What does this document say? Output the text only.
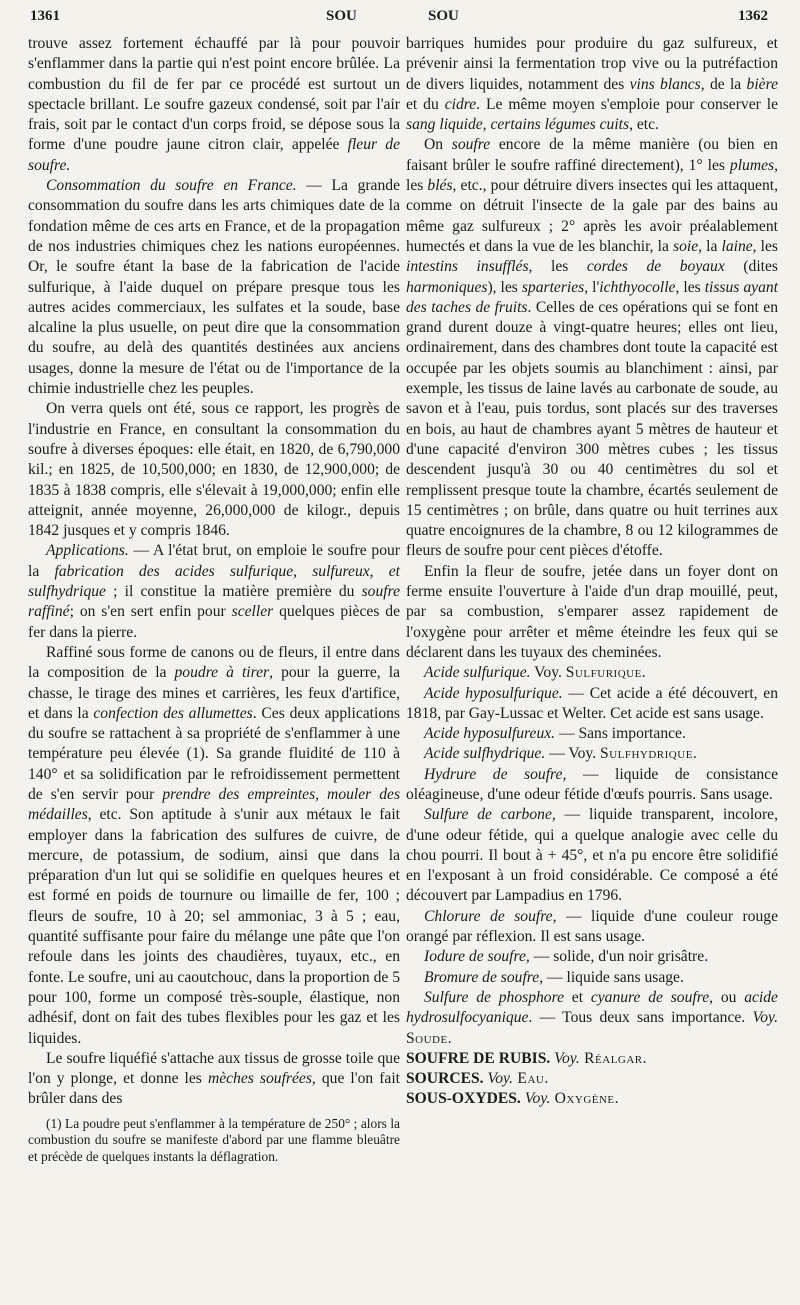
1361	SOU	SOU	1362

trouve assez fortement échauffé par là pour pouvoir s'enflammer dans la partie qui n'est point encore brûlée. La combustion du fil de fer par ce procédé est surtout un spectacle brillant. Le soufre gazeux condensé, soit par l'air frais, soit par le contact d'un corps froid, se dépose sous la forme d'une poudre jaune citron clair, appelée fleur de soufre.

Consommation du soufre en France. — La grande consommation du soufre dans les arts chimiques date de la fondation même de ces arts en France, et de la propagation de nos industries chimiques chez les nations européennes. Or, le soufre étant la base de la fabrication de l'acide sulfurique, à l'aide duquel on prépare presque tous les autres acides commerciaux, les sulfates et la soude, base alcaline la plus usuelle, on peut dire que la consommation du soufre, au delà des quantités destinées aux anciens usages, donne la mesure de l'état ou de l'importance de la chimie industrielle chez les peuples.

On verra quels ont été, sous ce rapport, les progrès de l'industrie en France, en consultant la consommation du soufre à diverses époques: elle était, en 1820, de 6,790,000 kil.; en 1825, de 10,500,000; en 1830, de 12,900,000; de 1835 à 1838 compris, elle s'élevait à 19,000,000; enfin elle atteignit, année moyenne, 26,000,000 de kilogr., depuis 1842 jusques et y compris 1846.

Applications. — A l'état brut, on emploie le soufre pour la fabrication des acides sulfurique, sulfureux, et sulfhydrique ; il constitue la matière première du soufre raffiné; on s'en sert enfin pour sceller quelques pièces de fer dans la pierre.

Raffiné sous forme de canons ou de fleurs, il entre dans la composition de la poudre à tirer, pour la guerre, la chasse, le tirage des mines et carrières, les feux d'artifice, et dans la confection des allumettes. Ces deux applications du soufre se rattachent à sa propriété de s'enflammer à une température peu élevée (1). Sa grande fluidité de 110 à 140° et sa solidification par le refroidissement permettent de s'en servir pour prendre des empreintes, mouler des médailles, etc. Son aptitude à s'unir aux métaux le fait employer dans la fabrication des sulfures de cuivre, de mercure, de potassium, de sodium, ainsi que dans la préparation d'un lut qui se solidifie en quelques heures et est formé en poids de tournure ou limaille de fer, 100 ; fleurs de soufre, 10 à 20; sel ammoniac, 3 à 5 ; eau, quantité suffisante pour faire du mélange une pâte que l'on refoule dans les joints des chaudières, tuyaux, etc., en fonte. Le soufre, uni au caoutchouc, dans la proportion de 5 pour 100, forme un composé très-souple, élastique, non adhésif, dont on fait des tubes flexibles pour les gaz et les liquides.

Le soufre liquéfié s'attache aux tissus de grosse toile que l'on y plonge, et donne les mèches soufrées, que l'on fait brûler dans des

(1) La poudre peut s'enflammer à la température de 250° ; alors la combustion du soufre se manifeste d'abord par une flamme bleuâtre et précède de quelques instants la déflagration.

barriques humides pour produire du gaz sulfureux, et prévenir ainsi la fermentation trop vive ou la putréfaction de divers liquides, notamment des vins blancs, de la bière et du cidre. Le même moyen s'emploie pour conserver le sang liquide, certains légumes cuits, etc.

On soufre encore de la même manière (ou bien en faisant brûler le soufre raffiné directement), 1° les plumes, les blés, etc., pour détruire divers insectes qui les attaquent, comme on détruit l'insecte de la gale par des bains au même gaz sulfureux ; 2° après les avoir préalablement humectés et dans la vue de les blanchir, la soie, la laine, les intestins insufflés, les cordes de boyaux (dites harmoniques), les sparteries, l'ichthyocolle, les tissus ayant des taches de fruits. Celles de ces opérations qui se font en grand durent douze à vingt-quatre heures; elles ont lieu, ordinairement, dans des chambres dont toute la capacité est occupée par les objets soumis au blanchiment : ainsi, par exemple, les tissus de laine lavés au carbonate de soude, au savon et à l'eau, puis tordus, sont placés sur des traverses en bois, au haut de chambres ayant 5 mètres de hauteur et d'une capacité d'environ 300 mètres cubes ; les tissus descendent jusqu'à 30 ou 40 centimètres du sol et remplissent presque toute la chambre, écartés seulement de 15 centimètres ; on brûle, dans quatre ou huit terrines aux quatre encoignures de la chambre, 8 ou 12 kilogrammes de fleurs de soufre pour cent pièces d'étoffe.

Enfin la fleur de soufre, jetée dans un foyer dont on ferme ensuite l'ouverture à l'aide d'un drap mouillé, peut, par sa combustion, s'emparer assez rapidement de l'oxygène pour arrêter et même éteindre les feux qui se déclarent dans les tuyaux des cheminées.

Acide sulfurique. Voy. Sulfurique.

Acide hyposulfurique. — Cet acide a été découvert, en 1818, par Gay-Lussac et Welter. Cet acide est sans usage.

Acide hyposulfureux. — Sans importance.

Acide sulfhydrique. — Voy. Sulfhydrique.

Hydrure de soufre, — liquide de consistance oléagineuse, d'une odeur fétide d'œufs pourris. Sans usage.

Sulfure de carbone, — liquide transparent, incolore, d'une odeur fétide, qui a quelque analogie avec celle du chou pourri. Il bout à + 45°, et n'a pu encore être solidifié en l'exposant à un froid considérable. Ce composé a été découvert par Lampadius en 1796.

Chlorure de soufre, — liquide d'une couleur rouge orangé par réflexion. Il est sans usage.

Iodure de soufre, — solide, d'un noir grisâtre.

Bromure de soufre, — liquide sans usage.

Sulfure de phosphore et cyanure de soufre, ou acide hydrosulfocyanique. — Tous deux sans importance. Voy. Soude.

SOUFRE DE RUBIS. Voy. Réalgar.

SOURCES. Voy. Eau.

SOUS-OXYDES. Voy. Oxygène.
